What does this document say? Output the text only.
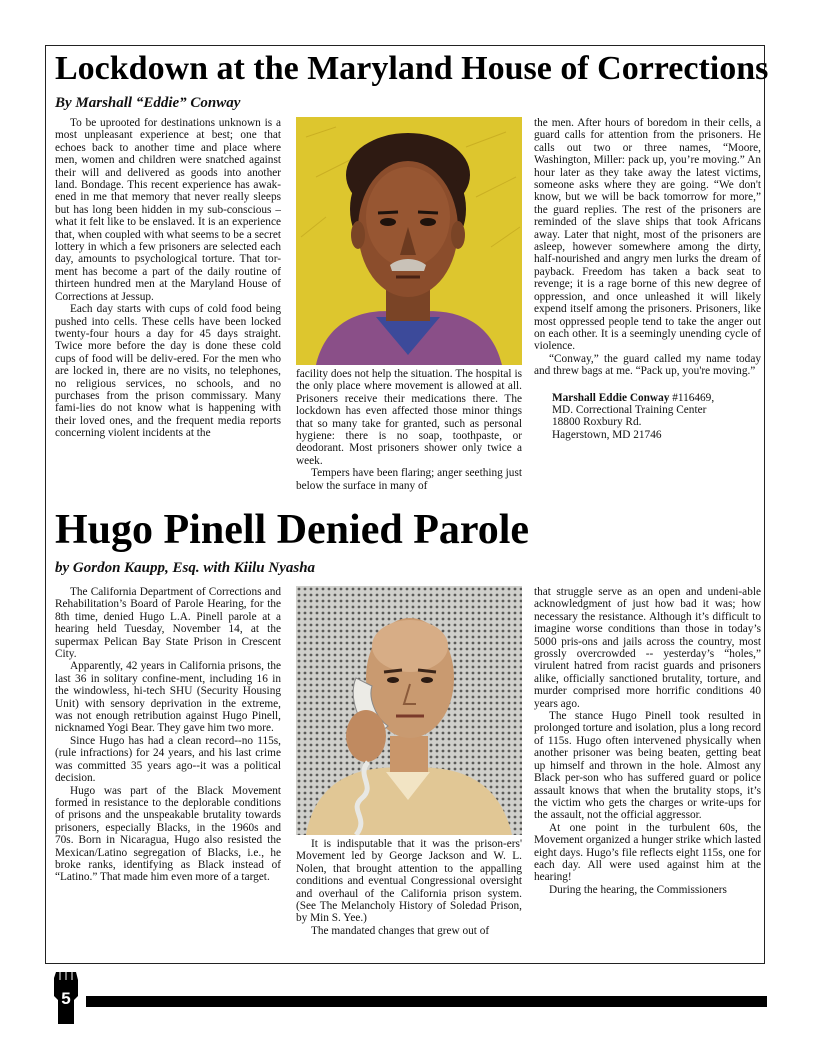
Lockdown at the Maryland House of Corrections
By Marshall “Eddie” Conway

To be uprooted for destinations unknown is a most unpleasant experience at best; one that echoes back to another time and place where men, women and children were snatched against their will and delivered as goods into another land. Bondage. This recent experience has awak-ened in me that memory that never really sleeps but has long been hidden in my sub-conscious – what it felt like to be enslaved. It is an experience that, when coupled with what seems to be a secret lottery in which a few prisoners are selected each day, amounts to psychological torture. That tor-ment has become a part of the daily routine of thirteen hundred men at the Maryland House of Corrections at Jessup.

Each day starts with cups of cold food being pushed into cells. These cells have been locked twenty-four hours a day for 45 days straight. Twice more before the day is done these cold cups of food will be deliv-ered. For the men who are locked in, there are no visits, no telephones, no religious services, no schools, and no purchases from the prison commissary. Many fami-lies do not know what is happening with their loved ones, and the frequent media reports concerning violent incidents at the

facility does not help the situation. The hospital is the only place where movement is allowed at all. Prisoners receive their medications there. The lockdown has even affected those minor things that so many take for granted, such as personal hygiene: there is no soap, toothpaste, or deodorant. Most prisoners shower only twice a week.

Tempers have been flaring; anger seething just below the surface in many of

the men. After hours of boredom in their cells, a guard calls for attention from the prisoners. He calls out two or three names, “Moore, Washington, Miller: pack up, you’re moving.” An hour later as they take away the latest victims, someone asks where they are going. “We don't know, but we will be back tomorrow for more,” the guard replies. The rest of the prisoners are reminded of the slave ships that took Africans away. Later that night, most of the prisoners are asleep, however somewhere among the dirty, half-nourished and angry men lurks the dream of payback. Freedom has taken a back seat to revenge; it is a rage borne of this new degree of oppression, and once unleashed it will likely expend itself among the prisoners. Prisoners, like most oppressed people tend to take the anger out on each other. It is a seemingly unending cycle of violence.

“Conway,” the guard called my name today and threw bags at me. “Pack up, you're moving.”

Marshall Eddie Conway #116469,
MD. Correctional Training Center
18800 Roxbury Rd.
Hagerstown, MD 21746
Hugo Pinell Denied Parole
by Gordon Kaupp, Esq. with Kiilu Nyasha

The California Department of Corrections and Rehabilitation’s Board of Parole Hearing, for the 8th time, denied Hugo L.A. Pinell parole at a hearing held Tuesday, November 14, at the supermax Pelican Bay State Prison in Crescent City.

Apparently, 42 years in California prisons, the last 36 in solitary confine-ment, including 16 in the windowless, hi-tech SHU (Security Housing Unit) with sensory deprivation in the extreme, was not enough retribution against Hugo Pinell, nicknamed Yogi Bear. They gave him two more.

Since Hugo has had a clean record--no 115s, (rule infractions) for 24 years, and his last crime was committed 35 years ago--it was a political decision.

Hugo was part of the Black Movement formed in resistance to the deplorable conditions of prisons and the unspeakable brutality towards prisoners, especially Blacks, in the 1960s and 70s. Born in Nicaragua, Hugo also resisted the Mexican/Latino segregation of Blacks, i.e., he broke ranks, identifying as Black instead of “Latino.” That made him even more of a target.

It is indisputable that it was the prison-ers' Movement led by George Jackson and W. L. Nolen, that brought attention to the appalling conditions and eventual Congressional oversight and overhaul of the California prison system. (See The Melancholy History of Soledad Prison, by Min S. Yee.)

The mandated changes that grew out of

that struggle serve as an open and undeni-able acknowledgment of just how bad it was; how necessary the resistance. Although it’s difficult to imagine worse conditions than those in today’s 5000 pris-ons and jails across the country, most grossly overcrowded -- yesterday’s “holes,” virulent hatred from racist guards and prisoners alike, officially sanctioned brutality, torture, and murder comprised more horrific conditions 40 years ago.

The stance Hugo Pinell took resulted in prolonged torture and isolation, plus a long record of 115s. Hugo often intervened physically when another prisoner was being beaten, getting beat up himself and thrown in the hole. Almost any Black per-son who has suffered guard or police assault knows that when the brutality stops, it’s the victim who gets the charges or write-ups for the assault, not the official aggressor.

At one point in the turbulent 60s, the Movement organized a hunger strike which lasted eight days. Hugo’s file reflects eight 115s, one for each day. All were used against him at the hearing!

During the hearing, the Commissioners

5
